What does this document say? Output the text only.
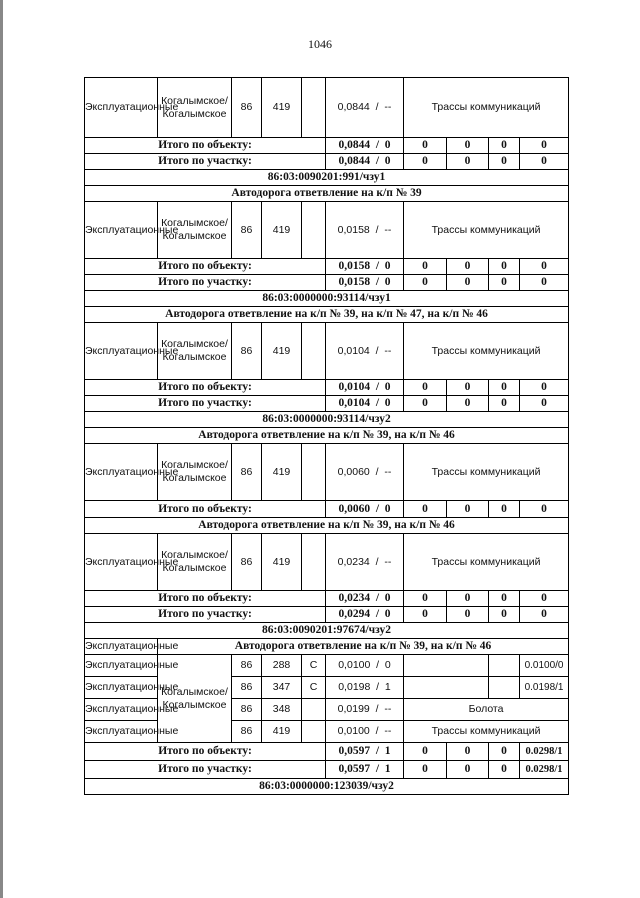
1046
Эксплуатационные	Когалымское/Когалымское	86	419		0,0844  /  --	Трассы коммуникаций			
Итого по объекту:					0,0844  /  0	0	0	0	0
Итого по участку:					0,0844  /  0	0	0	0	0
86:03:0090201:991/чзу1									
Автодорога ответвление на к/п № 39									
Эксплуатационные	Когалымское/Когалымское	86	419		0,0158  /  --	Трассы коммуникаций			
Итого по объекту:					0,0158  /  0	0	0	0	0
Итого по участку:					0,0158  /  0	0	0	0	0
86:03:0000000:93114/чзу1									
Автодорога ответвление на к/п № 39, на к/п № 47, на к/п № 46									
Эксплуатационные	Когалымское/Когалымское	86	419		0,0104  /  --	Трассы коммуникаций			
Итого по объекту:					0,0104  /  0	0	0	0	0
Итого по участку:					0,0104  /  0	0	0	0	0
86:03:0000000:93114/чзу2									
Автодорога ответвление на к/п № 39, на к/п № 46									
Эксплуатационные	Когалымское/Когалымское	86	419		0,0060  /  --	Трассы коммуникаций			
Итого по объекту:					0,0060  /  0	0	0	0	0
Автодорога ответвление на к/п № 39, на к/п № 46									
Эксплуатационные	Когалымское/Когалымское	86	419		0,0234  /  --	Трассы коммуникаций			
Итого по объекту:					0,0234  /  0	0	0	0	0
Итого по участку:					0,0294  /  0	0	0	0	0
86:03:0090201:97674/чзу2									
Эксплуатационные	Автодорога ответвление на к/п № 39, на к/п № 46								
Эксплуатационные	Когалымское/Когалымское	86	288	С	0,0100  /  0				0.0100/0
Эксплуатационные		86	347	С	0,0198  /  1				0.0198/1
Эксплуатационные		86	348		0,0199  /  --	Болота			
Эксплуатационные		86	419		0,0100  /  --	Трассы коммуникаций			
Итого по объекту:					0,0597  /  1	0	0	0	0.0298/1
Итого по участку:					0,0597  /  1	0	0	0	0.0298/1
86:03:0000000:123039/чзу2									
